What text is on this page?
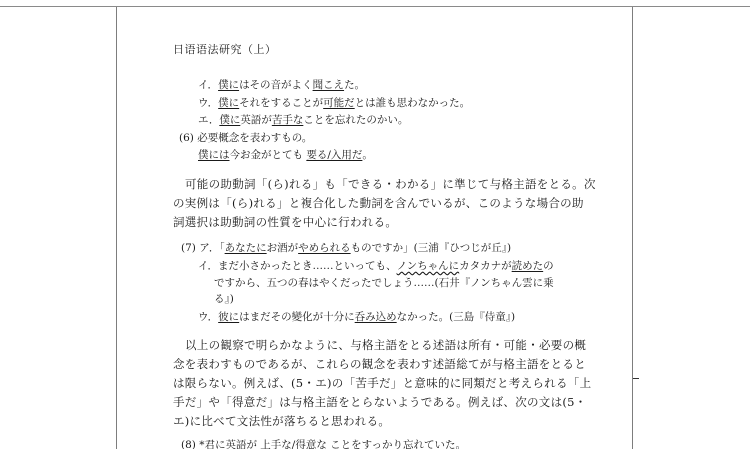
日语语法研究（上）
イ．僕にはその音がよく聞こえた。
ウ．僕にそれをすることが可能だとは誰も思わなかった。
エ．僕に英語が苦手なことを忘れたのかい。
(6) 必要概念を表わすもの。
僕には今お金がとても 要る/入用だ。
可能の助動詞「(ら)れる」も「できる・わかる」に準じて与格主語をとる。次
の実例は「(ら)れる」と複合化した動詞を含んでいるが、このような場合の助
詞選択は助動詞の性質を中心に行われる。
(7) ア．「あなたにお酒がやめられるものですか」(三浦『ひつじが丘』)
イ．まだ小さかったとき……といっても、ノンちゃんにカタカナが読めたの
ですから、五つの春はやくだったでしょう……(石井『ノンちゃん雲に乗
る』)
ウ．彼にはまだその變化が十分に呑み込めなかった。(三島『侍童』)
以上の観察で明らかなように、与格主語をとる述語は所有・可能・必要の概
念を表わすものであるが、これらの観念を表わす述語総てが与格主語をとると
は限らない。例えば、(5・エ)の「苦手だ」と意味的に同類だと考えられる「上
手だ」や「得意だ」は与格主語をとらないようである。例えば、次の文は(5・
エ)に比べて文法性が落ちると思われる。
(8) *君に英語が 上手な/得意な ことをすっかり忘れていた。
